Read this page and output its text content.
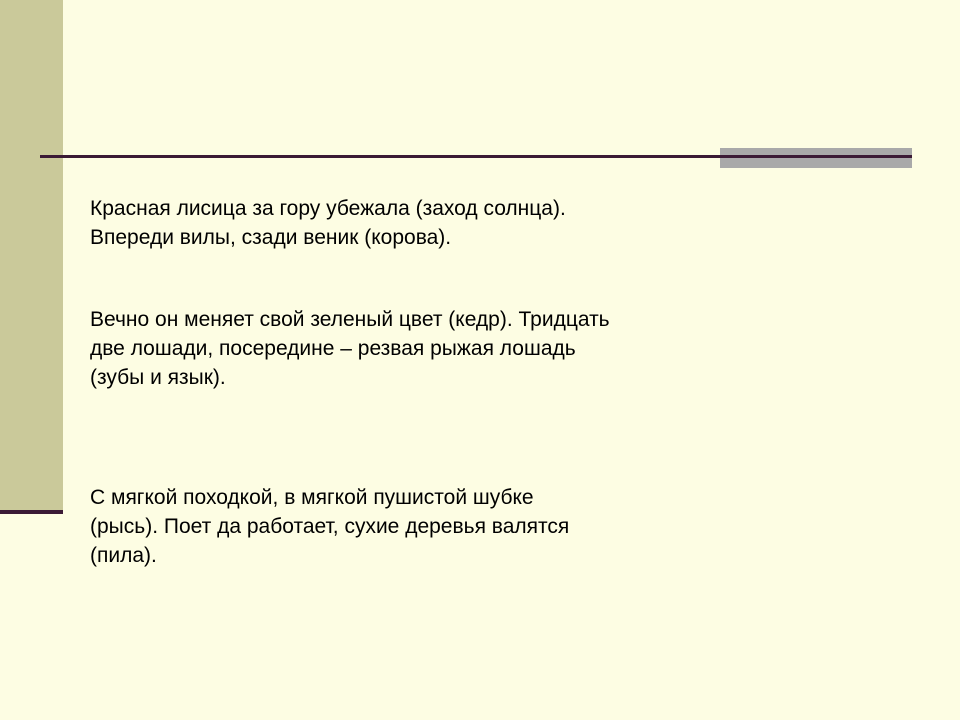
Красная лисица за гору убежала (заход солнца).
Впереди вилы, сзади веник (корова).

Вечно он меняет свой зеленый цвет (кедр). Тридцать
две лошади, посередине – резвая рыжая лошадь
(зубы и язык).

С мягкой походкой, в мягкой пушистой шубке
(рысь). Поет да работает, сухие деревья валятся
(пила).
